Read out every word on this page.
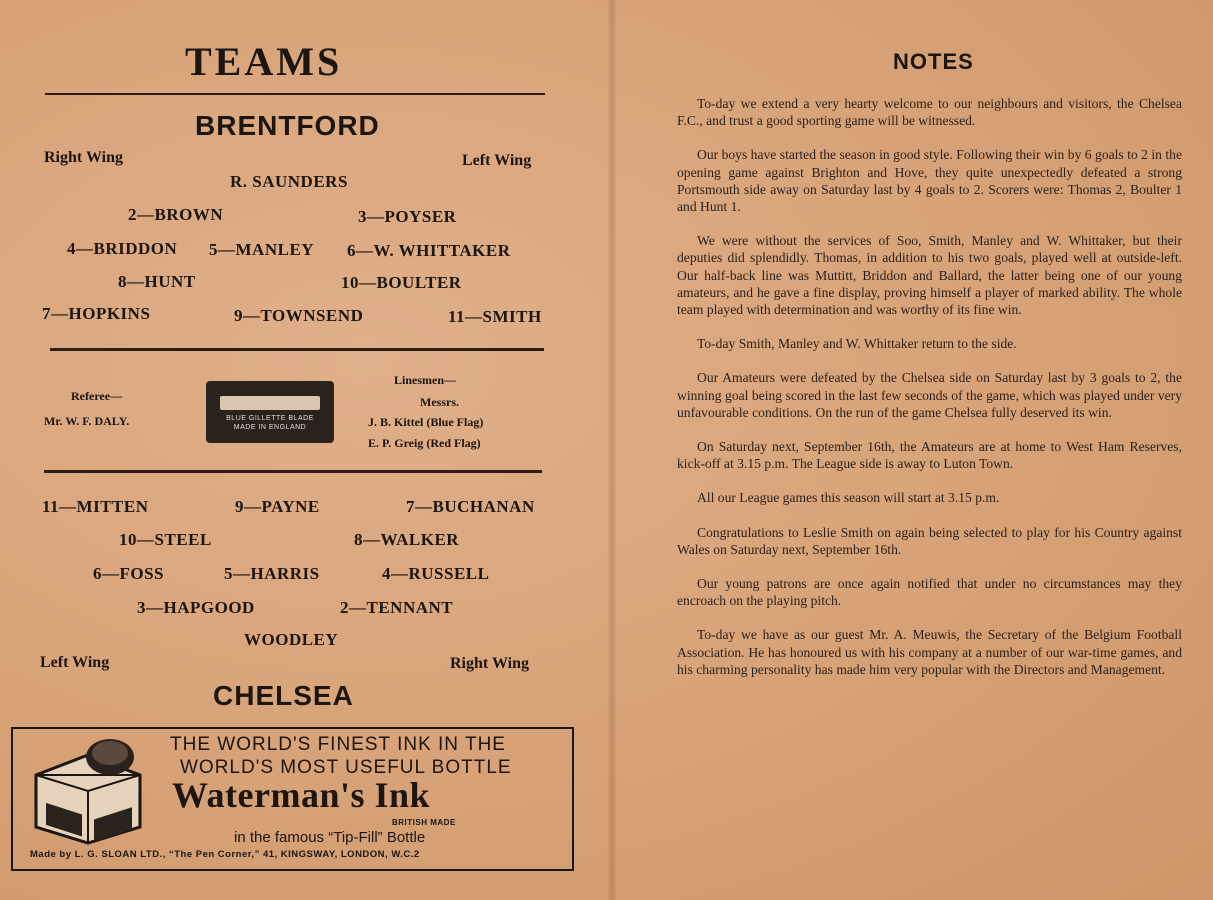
TEAMS
BRENTFORD
Right Wing	Left Wing
R. SAUNDERS
2—BROWN	3—POYSER
4—BRIDDON 5—MANLEY 6—W. WHITTAKER
8—HUNT	10—BOULTER
7—HOPKINS	9—TOWNSEND	11—SMITH
Referee—
Mr. W. F. DALY.	BLUE GILLETTE BLADE
MADE IN ENGLAND
Linesmen—
Messrs.
J. B. Kittel (Blue Flag)
E. P. Greig (Red Flag)
11—MITTEN	9—PAYNE	7—BUCHANAN
10—STEEL	8—WALKER
6—FOSS	5—HARRIS	4—RUSSELL
3—HAPGOOD	2—TENNANT
WOODLEY
Left Wing	Right Wing
CHELSEA
THE WORLD'S FINEST INK IN THE
WORLD'S MOST USEFUL BOTTLE
Waterman's Ink
BRITISH MADE
in the famous “Tip-Fill” Bottle
Made by L. G. SLOAN LTD., “The Pen Corner,” 41, KINGSWAY, LONDON, W.C.2
NOTES

To-day we extend a very hearty welcome to our neighbours and visitors, the Chelsea F.C., and trust a good sporting game will be witnessed.

Our boys have started the season in good style. Following their win by 6 goals to 2 in the opening game against Brighton and Hove, they quite unexpectedly defeated a strong Portsmouth side away on Saturday last by 4 goals to 2. Scorers were: Thomas 2, Boulter 1 and Hunt 1.

We were without the services of Soo, Smith, Manley and W. Whittaker, but their deputies did splendidly. Thomas, in addition to his two goals, played well at outside-left. Our half-back line was Muttitt, Briddon and Ballard, the latter being one of our young amateurs, and he gave a fine display, proving himself a player of marked ability. The whole team played with determination and was worthy of its fine win.

To-day Smith, Manley and W. Whittaker return to the side.

Our Amateurs were defeated by the Chelsea side on Saturday last by 3 goals to 2, the winning goal being scored in the last few seconds of the game, which was played under very unfavourable conditions. On the run of the game Chelsea fully deserved its win.

On Saturday next, September 16th, the Amateurs are at home to West Ham Reserves, kick-off at 3.15 p.m. The League side is away to Luton Town.

All our League games this season will start at 3.15 p.m.

Congratulations to Leslie Smith on again being selected to play for his Country against Wales on Saturday next, September 16th.

Our young patrons are once again notified that under no circumstances may they encroach on the playing pitch.

To-day we have as our guest Mr. A. Meuwis, the Secretary of the Belgium Football Association. He has honoured us with his company at a number of our war-time games, and his charming personality has made him very popular with the Directors and Management.
